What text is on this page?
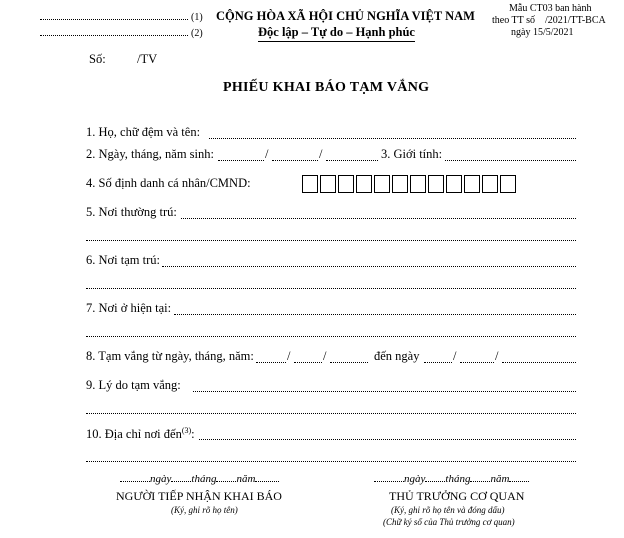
(1)
(2)
CỘNG HÒA XÃ HỘI CHỦ NGHĨA VIỆT NAM
Độc lập – Tự do – Hạnh phúc
Mẫu CT03 ban hành
theo TT số    /2021/TT-BCA
ngày 15/5/2021
Số:	/TV
PHIẾU KHAI BÁO TẠM VẮNG
1. Họ, chữ đệm và tên:
2. Ngày, tháng, năm sinh:	/	/	3. Giới tính:
4. Số định danh cá nhân/CMND:
5. Nơi thường trú:
6. Nơi tạm trú:
7. Nơi ở hiện tại:
8. Tạm vắng từ ngày, tháng, năm:	/	/	đến ngày	/	/
9. Lý do tạm vắng:
10. Địa chỉ nơi đến$^{(3)}$:
ngày tháng năm
NGƯỜI TIẾP NHẬN KHAI BÁO
(Ký, ghi rõ họ tên)
ngày tháng năm
THỦ TRƯỞNG CƠ QUAN
(Ký, ghi rõ họ tên và đóng dấu)
(Chữ ký số của Thủ trưởng cơ quan)
